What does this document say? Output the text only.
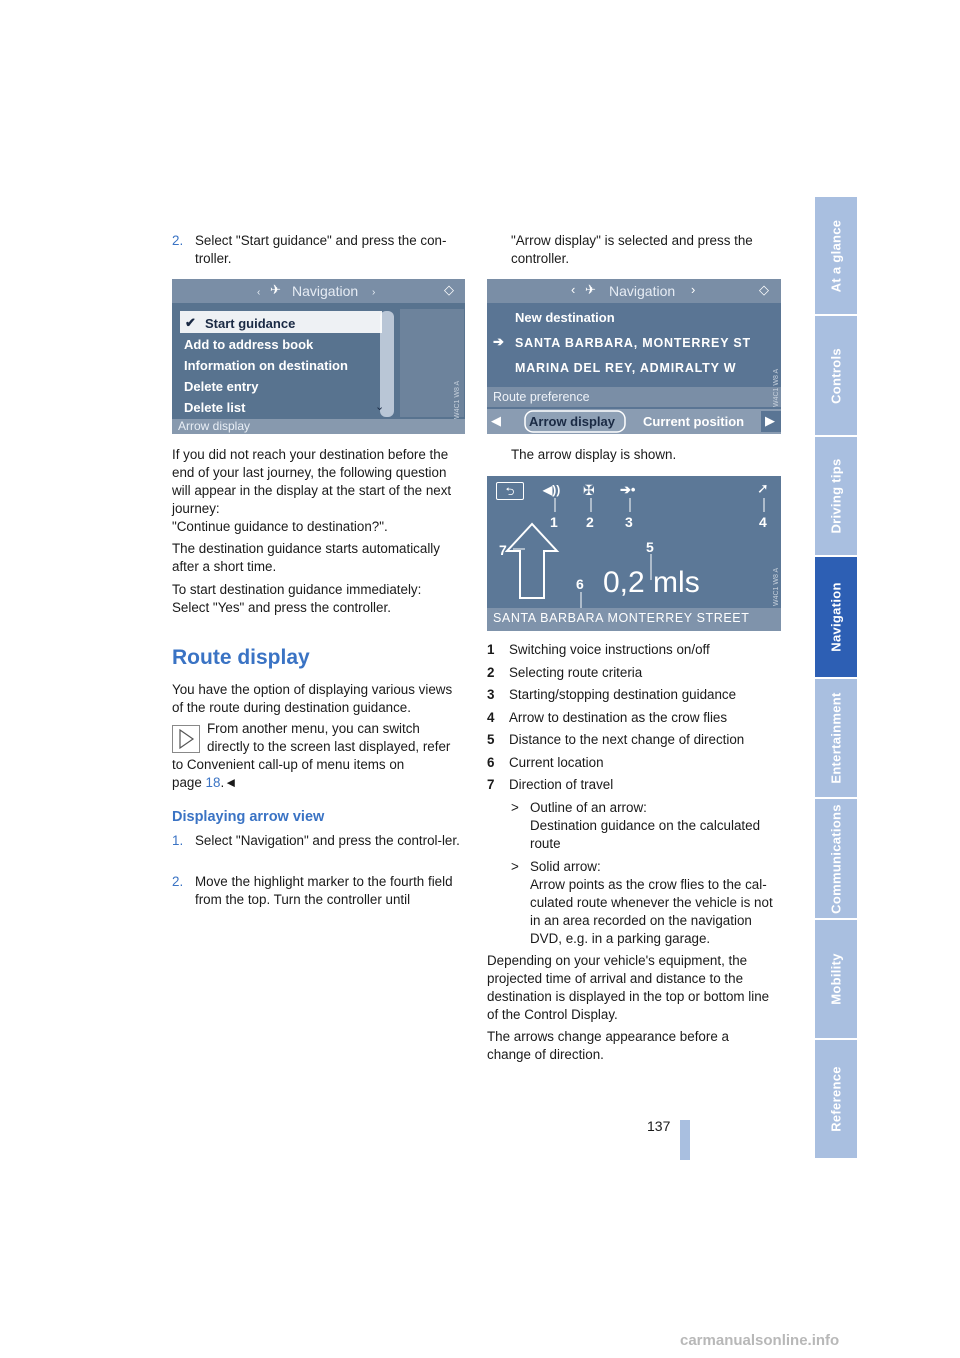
At a glance
Controls
Driving tips
Navigation
Entertainment
Communications
Mobility
Reference
2. Select "Start guidance" and press the con-troller.
‹	›
✈ Navigation	◇
✔ Start guidance
Add to address book
Information on destination
Delete entry
Delete list	⌄
Arrow display
W4C1 W8 A
If you did not reach your destination before the
end of your last journey, the following question
will appear in the display at the start of the next
journey:
"Continue guidance to destination?".
The destination guidance starts automatically after a short time.
To start destination guidance immediately:
Select "Yes" and press the controller.
Route display
You have the option of displaying various views of the route during destination guidance.
From another menu, you can switch
directly to the screen last displayed, refer
to Convenient call-up of menu items on
page 18.◄
Displaying arrow view
1. Select "Navigation" and press the control-ler.
2. Move the highlight marker to the fourth field from the top. Turn the controller until
"Arrow display" is selected and press the controller.
‹ ✈ Navigation ›	◇
New destination
➔ SANTA BARBARA, MONTERREY ST
MARINA DEL REY, ADMIRALTY W
Route preference
◀ Arrow display Current position ▶
W4C1 W8 A
The arrow display is shown.
⮌	◀)) ✠ ➔•	➚
1 2 3	4
5
6
7
0,2 mls
SANTA BARBARA MONTERREY STREET
W4C1 W8 A
1 Switching voice instructions on/off
2 Selecting route criteria
3 Starting/stopping destination guidance
4 Arrow to destination as the crow flies
5 Distance to the next change of direction
6 Current location
7 Direction of travel
> Outline of an arrow:
Destination guidance on the calculated route
> Solid arrow:
Arrow points as the crow flies to the cal-culated route whenever the vehicle is not in an area recorded on the navigation DVD, e.g. in a parking garage.
Depending on your vehicle's equipment, the projected time of arrival and distance to the destination is displayed in the top or bottom line of the Control Display.
The arrows change appearance before a change of direction.
137
carmanualsonline.info
